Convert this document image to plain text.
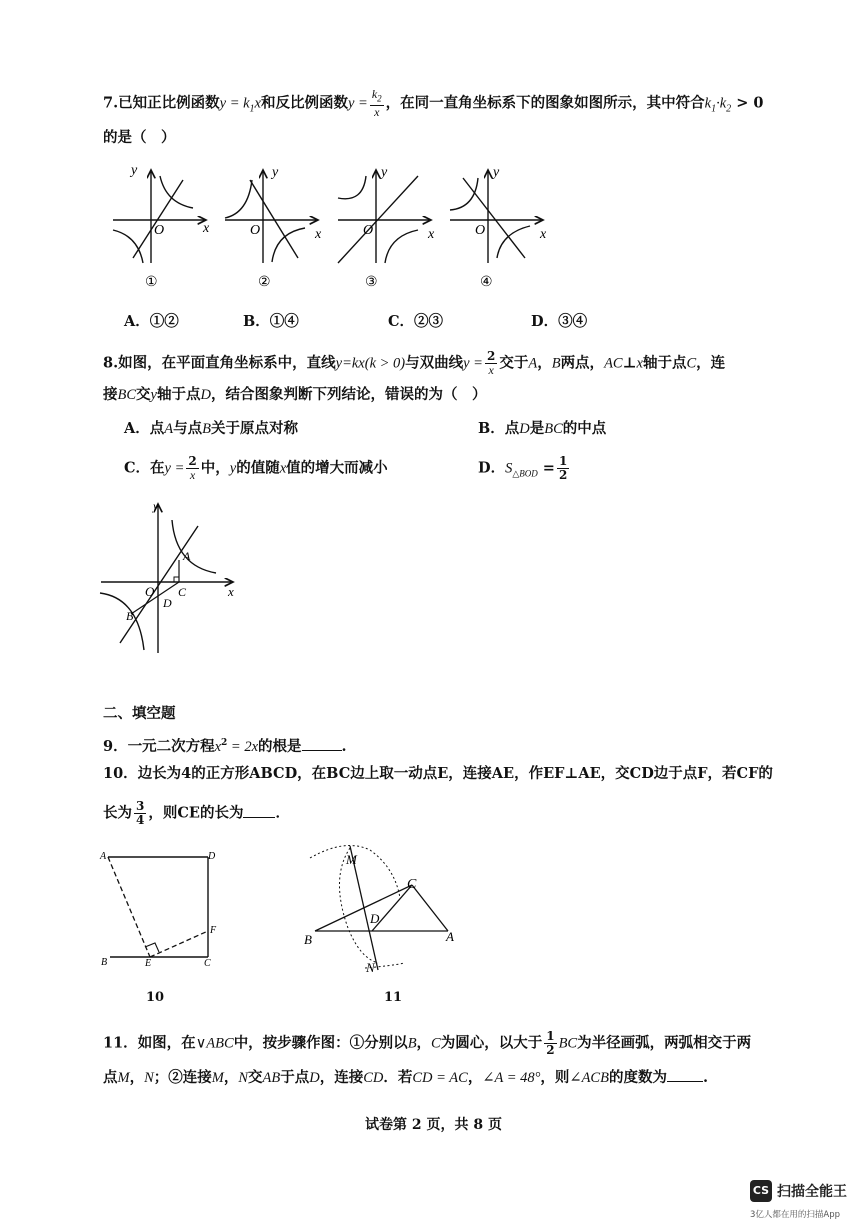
7.已知正比例函数$y = k_1x$和反比例函数$y = \frac{k_2}{x}$ ，在同一直角坐标系下的图象如图所示，其中符合$k_1\cdot k_2 > 0$
的是（　）
y
x
O
y
x
O
y
x
O
y
x
O
①	②	③	④
A．①②	B．①④	C．②③	D．③④
8.如图，在平面直角坐标系中，直线y=kx(k > 0)与双曲线$y = \frac{2}{x}$ 交于A，B两点，AC⊥x轴于点C，连
接BC交y轴于点D，结合图象判断下列结论，错误的为（　）
A．点A与点B关于原点对称	B．点D是BC的中点
C．在$y = \frac{2}{x}$ 中，y的值随x值的增大而减小	D．$S_{\triangle BOD} = \frac{1}{2}$
y
x
O
A
B
C
D
二、填空题
9．一元二次方程$x^2 = 2x$的根是	.
10．边长为4的正方形ABCD，在BC边上取一动点E，连接AE，作EF⊥AE，交CD边于点F，若CF的
长为 $\frac{3}{4}$ ，则CE的长为 ．
A	D
F
B	E	C
10
M
C
D
B	A
N
11
11．如图，在∨ABC中，按步骤作图：①分别以B，C为圆心，以大于 $\frac{1}{2}$ BC为半径画弧，两弧相交于两
点M，N；②连接M，N交AB于点D，连接CD．若CD = AC，∠A = 48°，则∠ACB的度数为 .
试卷第 2 页，共 8 页
CS 扫描全能王
3亿人都在用的扫描App
